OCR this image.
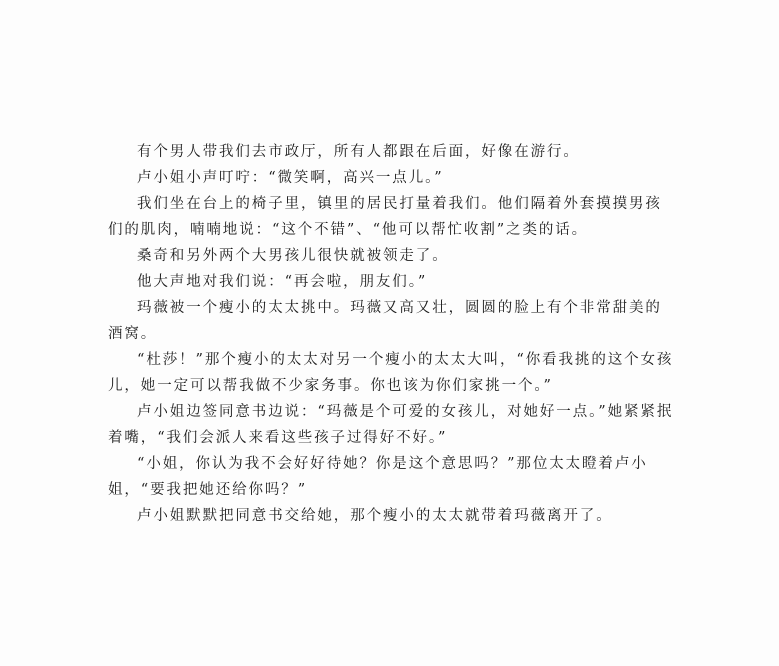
有个男人带我们去市政厅，所有人都跟在后面，好像在游行。

卢小姐小声叮咛：“微笑啊，高兴一点儿。”

我们坐在台上的椅子里，镇里的居民打量着我们。他们隔着外套摸摸男孩们的肌肉，喃喃地说：“这个不错”、“他可以帮忙收割”之类的话。

桑奇和另外两个大男孩儿很快就被领走了。

他大声地对我们说：“再会啦，朋友们。”

玛薇被一个瘦小的太太挑中。玛薇又高又壮，圆圆的脸上有个非常甜美的酒窝。

“杜莎！”那个瘦小的太太对另一个瘦小的太太大叫，“你看我挑的这个女孩儿，她一定可以帮我做不少家务事。你也该为你们家挑一个。”

卢小姐边签同意书边说：“玛薇是个可爱的女孩儿，对她好一点。”她紧紧抿着嘴，“我们会派人来看这些孩子过得好不好。”

“小姐，你认为我不会好好待她？你是这个意思吗？”那位太太瞪着卢小姐，“要我把她还给你吗？”

卢小姐默默把同意书交给她，那个瘦小的太太就带着玛薇离开了。
